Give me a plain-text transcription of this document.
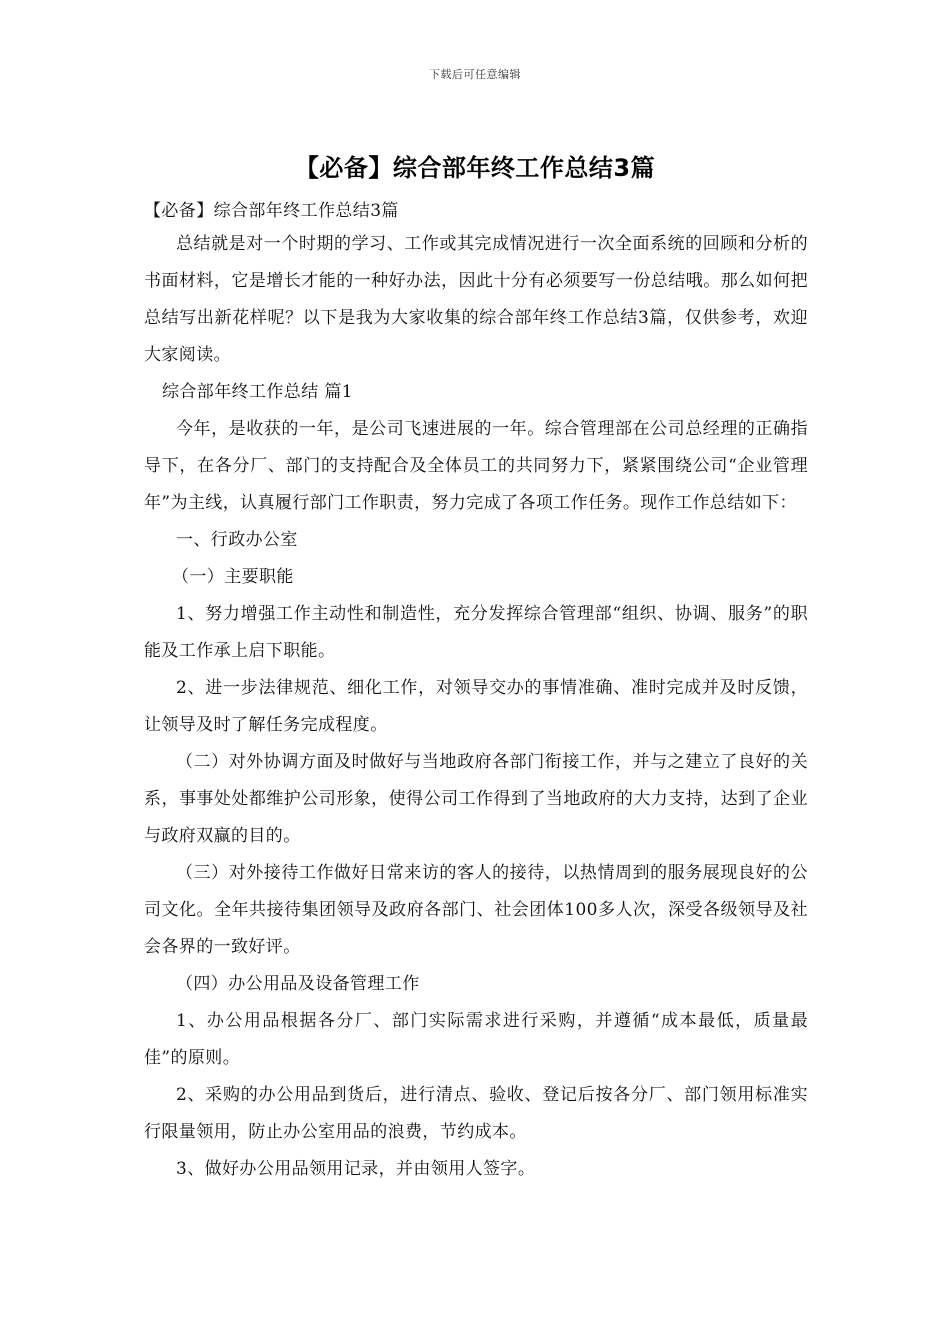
下载后可任意编辑
【必备】综合部年终工作总结3篇

【必备】综合部年终工作总结3篇

总结就是对一个时期的学习、工作或其完成情况进行一次全面系统的回顾和分析的书面材料，它是增长才能的一种好办法，因此十分有必须要写一份总结哦。那么如何把总结写出新花样呢？以下是我为大家收集的综合部年终工作总结3篇，仅供参考，欢迎大家阅读。

综合部年终工作总结 篇1

今年，是收获的一年，是公司飞速进展的一年。综合管理部在公司总经理的正确指导下，在各分厂、部门的支持配合及全体员工的共同努力下，紧紧围绕公司“企业管理年”为主线，认真履行部门工作职责，努力完成了各项工作任务。现作工作总结如下：

一、行政办公室

（一）主要职能

1、努力增强工作主动性和制造性，充分发挥综合管理部“组织、协调、服务”的职能及工作承上启下职能。

2、进一步法律规范、细化工作，对领导交办的事情准确、准时完成并及时反馈，让领导及时了解任务完成程度。

（二）对外协调方面及时做好与当地政府各部门衔接工作，并与之建立了良好的关系，事事处处都维护公司形象，使得公司工作得到了当地政府的大力支持，达到了企业与政府双赢的目的。

（三）对外接待工作做好日常来访的客人的接待，以热情周到的服务展现良好的公司文化。全年共接待集团领导及政府各部门、社会团体100多人次，深受各级领导及社会各界的一致好评。

（四）办公用品及设备管理工作

1、办公用品根据各分厂、部门实际需求进行采购，并遵循“成本最低，质量最佳”的原则。

2、采购的办公用品到货后，进行清点、验收、登记后按各分厂、部门领用标准实行限量领用，防止办公室用品的浪费，节约成本。

3、做好办公用品领用记录，并由领用人签字。
